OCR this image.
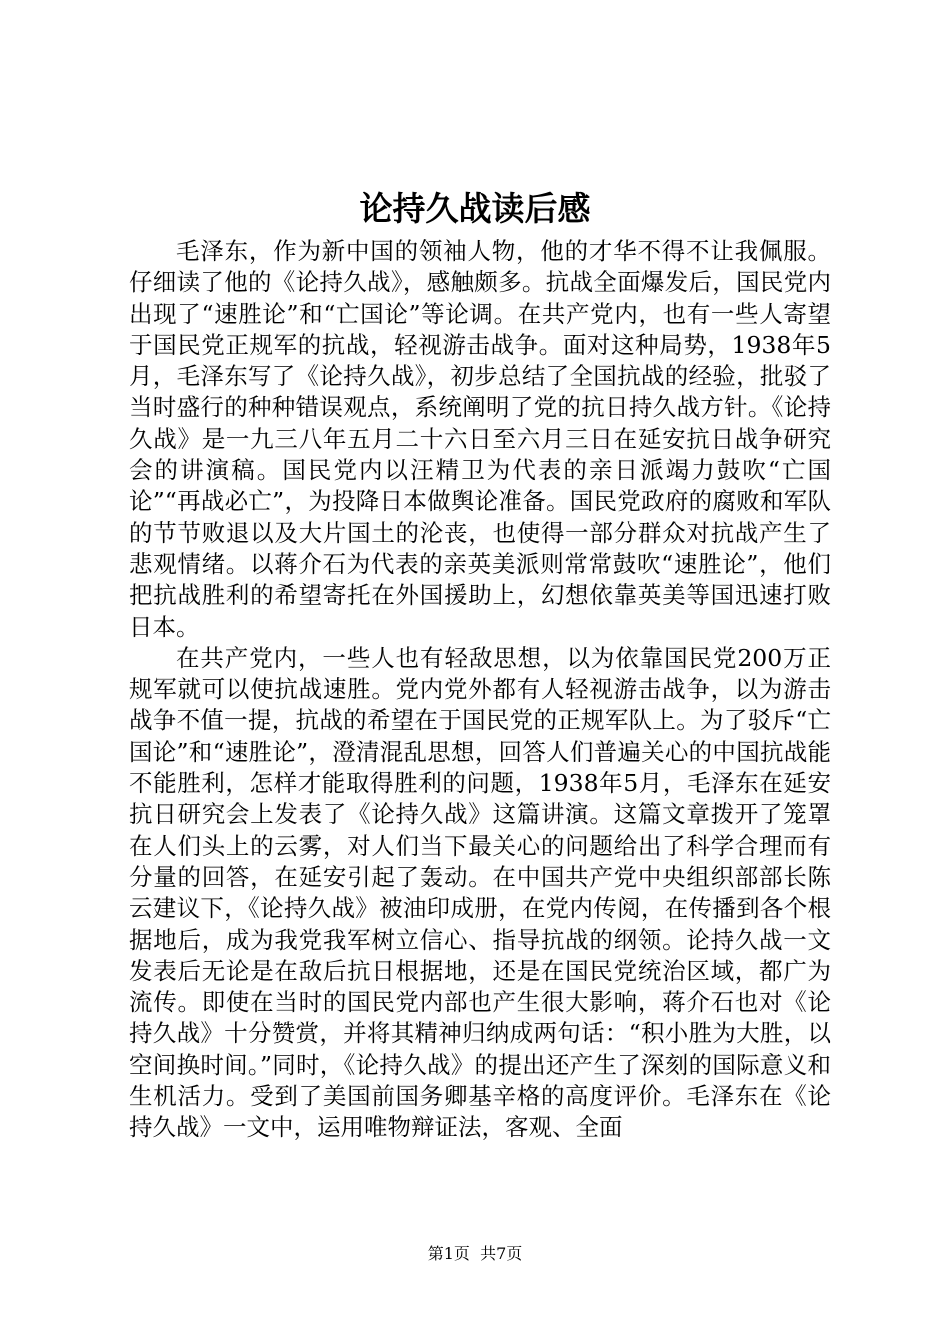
论持久战读后感

毛泽东，作为新中国的领袖人物，他的才华不得不让我佩服。仔细读了他的《论持久战》，感触颇多。抗战全面爆发后，国民党内出现了“速胜论”和“亡国论”等论调。在共产党内，也有一些人寄望于国民党正规军的抗战，轻视游击战争。面对这种局势，1938年5月，毛泽东写了《论持久战》，初步总结了全国抗战的经验，批驳了当时盛行的种种错误观点，系统阐明了党的抗日持久战方针。《论持久战》是一九三八年五月二十六日至六月三日在延安抗日战争研究会的讲演稿。国民党内以汪精卫为代表的亲日派竭力鼓吹“亡国论”“再战必亡”，为投降日本做舆论准备。国民党政府的腐败和军队的节节败退以及大片国土的沦丧，也使得一部分群众对抗战产生了悲观情绪。以蒋介石为代表的亲英美派则常常鼓吹“速胜论”，他们把抗战胜利的希望寄托在外国援助上，幻想依靠英美等国迅速打败日本。

在共产党内，一些人也有轻敌思想，以为依靠国民党200万正规军就可以使抗战速胜。党内党外都有人轻视游击战争，以为游击战争不值一提，抗战的希望在于国民党的正规军队上。为了驳斥“亡国论”和“速胜论”，澄清混乱思想，回答人们普遍关心的中国抗战能不能胜利，怎样才能取得胜利的问题，1938年5月，毛泽东在延安抗日研究会上发表了《论持久战》这篇讲演。这篇文章拨开了笼罩在人们头上的云雾，对人们当下最关心的问题给出了科学合理而有分量的回答，在延安引起了轰动。在中国共产党中央组织部部长陈云建议下，《论持久战》被油印成册，在党内传阅，在传播到各个根据地后，成为我党我军树立信心、指导抗战的纲领。论持久战一文发表后无论是在敌后抗日根据地，还是在国民党统治区域，都广为流传。即使在当时的国民党内部也产生很大影响，蒋介石也对《论持久战》十分赞赏，并将其精神归纳成两句话：“积小胜为大胜，以空间换时间。”同时，《论持久战》的提出还产生了深刻的国际意义和生机活力。受到了美国前国务卿基辛格的高度评价。毛泽东在《论持久战》一文中，运用唯物辩证法，客观、全面

第1页 共7页
